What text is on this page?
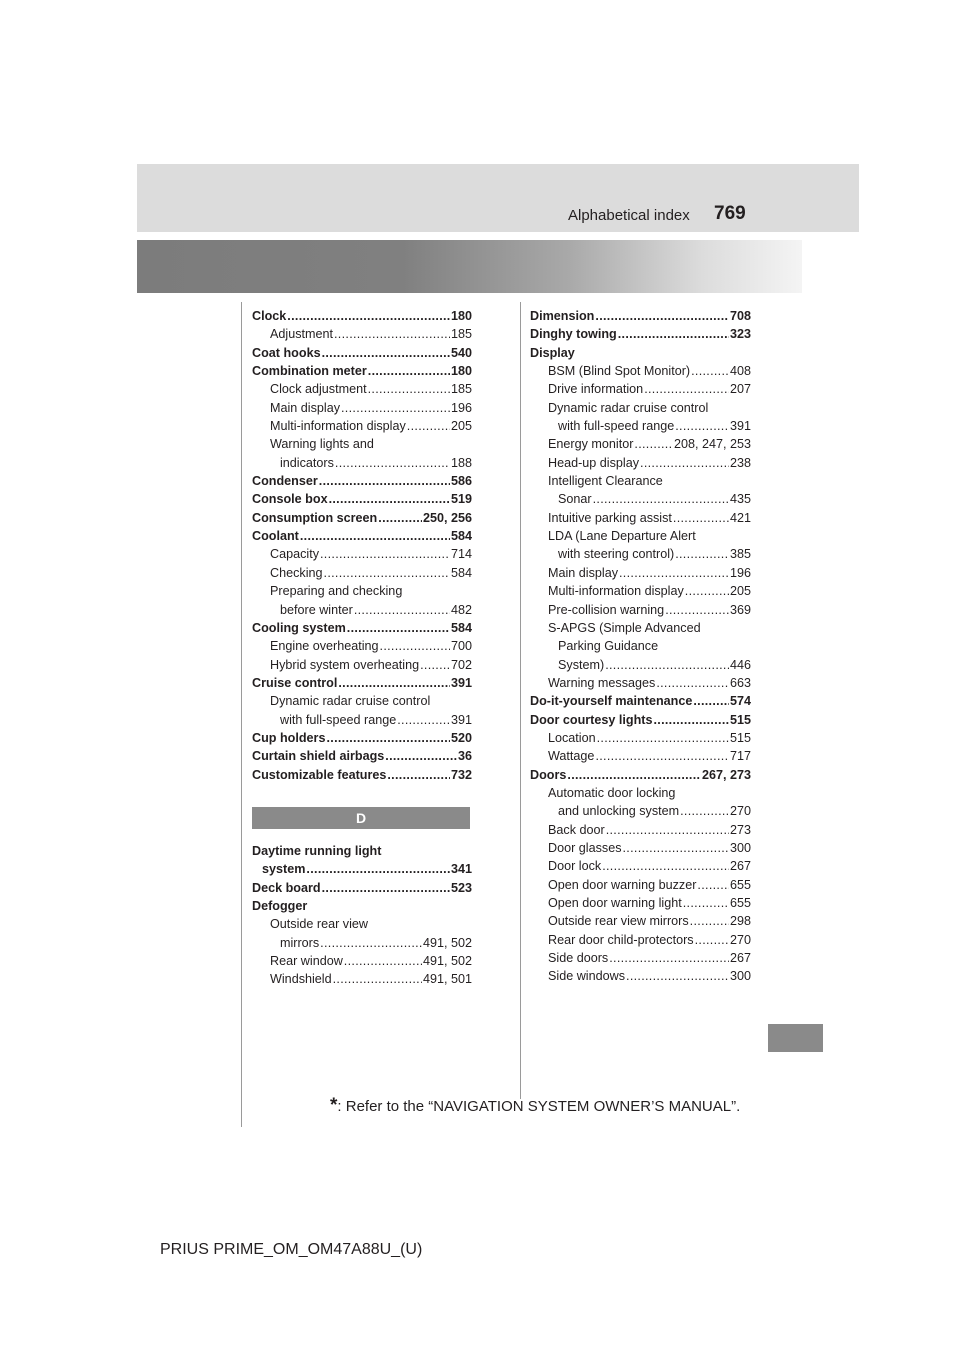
Alphabetical index 769
Clock . . .	180
Adjustment . . .	185
Coat hooks . . .	540
Combination meter . . .	180
Clock adjustment . . .	185
Main display . . .	196
Multi-information display . . .	205
Warning lights and
indicators . . .	188
Condenser . . .	586
Console box . . .	519
Consumption screen . . .	250, 256
Coolant . . .	584
Capacity . . .	714
Checking . . .	584
Preparing and checking
before winter . . .	482
Cooling system . . .	584
Engine overheating . . .	700
Hybrid system overheating . . .	702
Cruise control . . .	391
Dynamic radar cruise control
with full-speed range . . .	391
Cup holders . . .	520
Curtain shield airbags . . .	36
Customizable features . . .	732
D
Daytime running light
system . . .	341
Deck board . . .	523
Defogger
Outside rear view
mirrors . . .	491, 502
Rear window . . .	491, 502
Windshield . . .	491, 501
Dimension . . .	708
Dinghy towing . . .	323
Display
BSM (Blind Spot Monitor) . . .	408
Drive information . . .	207
Dynamic radar cruise control
with full-speed range . . .	391
Energy monitor . . .	208, 247, 253
Head-up display . . .	238
Intelligent Clearance
Sonar . . .	435
Intuitive parking assist . . .	421
LDA (Lane Departure Alert
with steering control) . . .	385
Main display . . .	196
Multi-information display . . .	205
Pre-collision warning . . .	369
S-APGS (Simple Advanced
Parking Guidance
System) . . .	446
Warning messages . . .	663
Do-it-yourself maintenance . . .	574
Door courtesy lights . . .	515
Location . . .	515
Wattage . . .	717
Doors . . .	267, 273
Automatic door locking
and unlocking system . . .	270
Back door . . .	273
Door glasses . . .	300
Door lock . . .	267
Open door warning buzzer . . .	655
Open door warning light . . .	655
Outside rear view mirrors . . .	298
Rear door child-protectors . . .	270
Side doors . . .	267
Side windows . . .	300
*: Refer to the “NAVIGATION SYSTEM OWNER’S MANUAL”.
PRIUS PRIME_OM_OM47A88U_(U)
